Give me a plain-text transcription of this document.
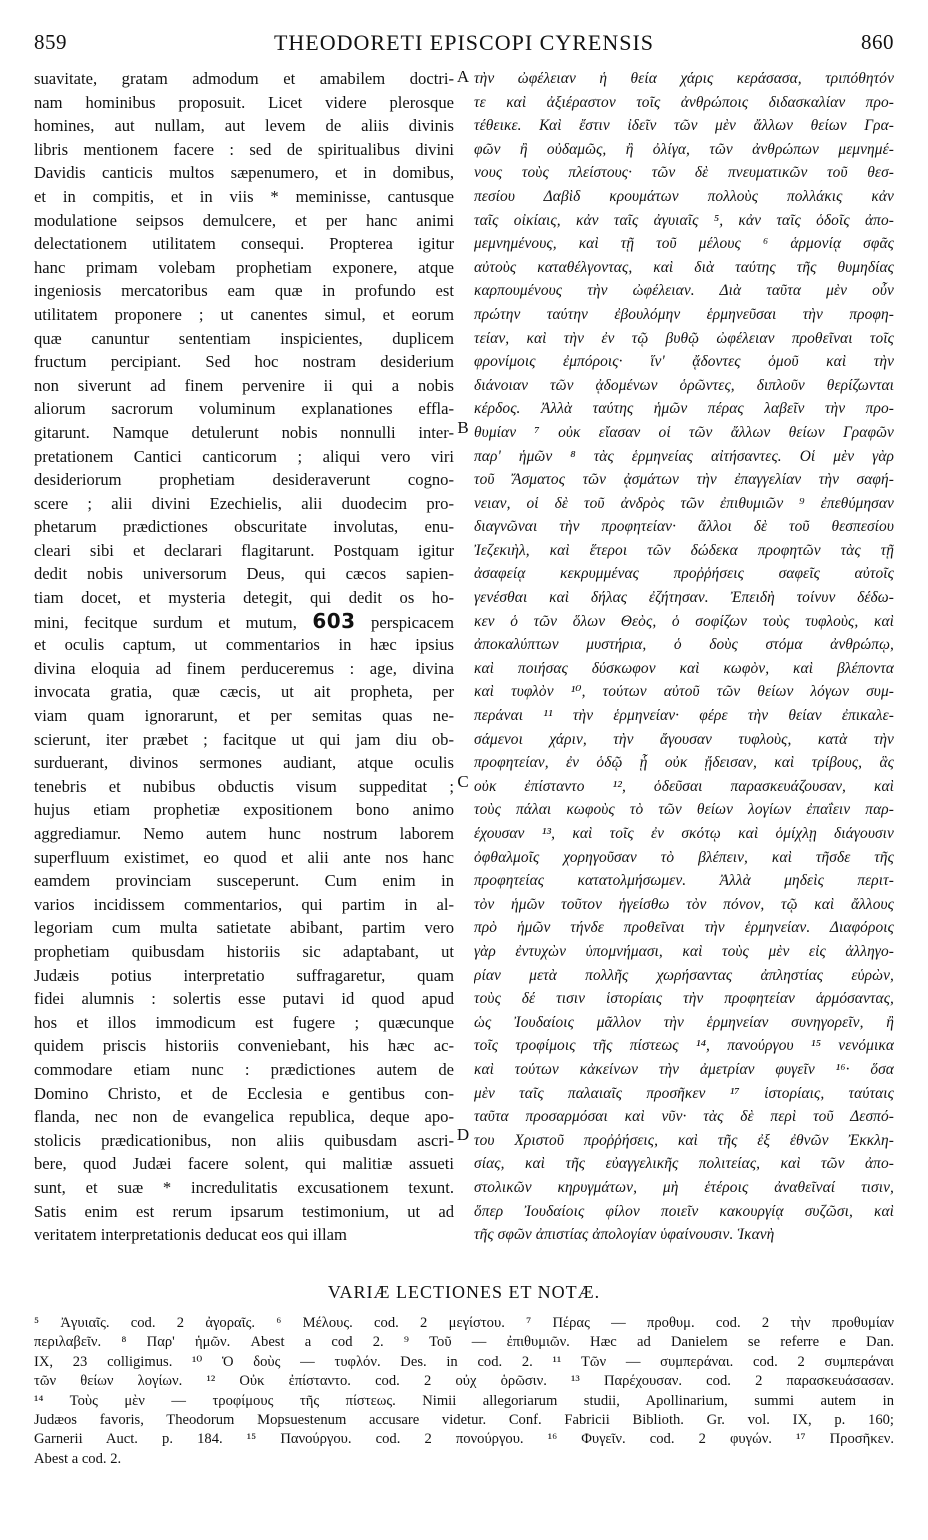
859	THEODORETI EPISCOPI CYRENSIS	860
suavitate, gratam admodum et amabilem doctri-
nam hominibus proposuit. Licet videre plerosque
homines, aut nullam, aut levem de aliis divinis
libris mentionem facere : sed de spiritualibus divini
Davidis canticis multos sæpenumero, et in domibus,
et in compitis, et in viis * meminisse, cantusque
modulatione seipsos demulcere, et per hanc animi
delectationem utilitatem consequi. Propterea igitur
hanc primam volebam prophetiam exponere, atque
ingeniosis mercatoribus eam quæ in profundo est
utilitatem proponere ; ut canentes simul, et eorum
quæ canuntur sententiam inspicientes, duplicem
fructum percipiant. Sed hoc nostram desiderium
non siverunt ad finem pervenire ii qui a nobis
aliorum sacrorum voluminum explanationes effla-
gitarunt. Namque detulerunt nobis nonnulli inter-
pretationem Cantici canticorum ; aliqui vero viri
desideriorum prophetiam desideraverunt cogno-
scere ; alii divini Ezechielis, alii duodecim pro-
phetarum prædictiones obscuritate involutas, enu-
cleari sibi et declarari flagitarunt. Postquam igitur
dedit nobis universorum Deus, qui cæcos sapien-
tiam docet, et mysteria detegit, qui dedit os ho-
mini, fecitque surdum et mutum, 603 perspicacem
et oculis captum, ut commentarios in hæc ipsius
divina eloquia ad finem perduceremus : age, divina
invocata gratia, quæ cæcis, ut ait propheta, per
viam quam ignorarunt, et per semitas quas ne-
scierunt, iter præbet ; facitque ut qui jam diu ob-
surduerant, divinos sermones audiant, atque oculis
tenebris et nubibus obductis visum suppeditat ;
hujus etiam prophetiæ expositionem bono animo
aggrediamur. Nemo autem hunc nostrum laborem
superfluum existimet, eo quod et alii ante nos hanc
eamdem provinciam susceperunt. Cum enim in
varios incidissem commentarios, qui partim in al-
legoriam cum multa satietate abibant, partim vero
prophetiam quibusdam historiis sic adaptabant, ut
Judæis potius interpretatio suffragaretur, quam
fidei alumnis : solertis esse putavi id quod apud
hos et illos immodicum est fugere ; quæcunque
quidem priscis historiis conveniebant, his hæc ac-
commodare etiam nunc : prædictiones autem de
Domino Christo, et de Ecclesia e gentibus con-
flanda, nec non de evangelica republica, deque apo-
stolicis prædicationibus, non aliis quibusdam ascri-
bere, quod Judæi facere solent, qui malitiæ assueti
sunt, et suæ * incredulitatis excusationem texunt.
Satis enim est rerum ipsarum testimonium, ut ad
veritatem interpretationis deducat eos qui illam
τὴν ὠφέλειαν ἡ θεία χάρις κεράσασα, τριπόθητόν
τε καὶ ἀξιέραστον τοῖς ἀνθρώποις διδασκαλίαν προ-
τέθεικε. Καὶ ἔστιν ἰδεῖν τῶν μὲν ἄλλων θείων Γρα-
φῶν ἢ οὐδαμῶς, ἢ ὀλίγα, τῶν ἀνθρώπων μεμνημέ-
νους τοὺς πλείστους· τῶν δὲ πνευματικῶν τοῦ θεσ-
πεσίου Δαβὶδ κρουμάτων πολλοὺς πολλάκις κἀν
ταῖς οἰκίαις, κἀν ταῖς ἀγυιαῖς ⁵, κἀν ταῖς ὁδοῖς ἀπο-
μεμνημένους, καὶ τῇ τοῦ μέλους ⁶ ἁρμονίᾳ σφᾶς
αὐτοὺς καταθέλγοντας, καὶ διὰ ταύτης τῆς θυμηδίας
καρπουμένους τὴν ὠφέλειαν. Διὰ ταῦτα μὲν οὖν
πρώτην ταύτην ἐβουλόμην ἑρμηνεῦσαι τὴν προφη-
τείαν, καὶ τὴν ἐν τῷ βυθῷ ὠφέλειαν προθεῖναι τοῖς
φρονίμοις ἐμπόροις· ἵν' ᾄδοντες ὁμοῦ καὶ τὴν
διάνοιαν τῶν ᾀδομένων ὁρῶντες, διπλοῦν θερίζωνται
κέρδος. Ἀλλὰ ταύτης ἡμῶν πέρας λαβεῖν τὴν προ-
θυμίαν ⁷ οὐκ εἴασαν οἱ τῶν ἄλλων θείων Γραφῶν
παρ' ἡμῶν ⁸ τὰς ἑρμηνείας αἰτήσαντες. Οἱ μὲν γὰρ
τοῦ Ἄσματος τῶν ᾀσμάτων τὴν ἐπαγγελίαν τὴν σαφή-
νειαν, οἱ δὲ τοῦ ἀνδρὸς τῶν ἐπιθυμιῶν ⁹ ἐπεθύμησαν
διαγνῶναι τὴν προφητείαν· ἄλλοι δὲ τοῦ θεσπεσίου
Ἰεζεκιὴλ, καὶ ἕτεροι τῶν δώδεκα προφητῶν τὰς τῇ
ἀσαφείᾳ κεκρυμμένας προῤῥήσεις σαφεῖς αὐτοῖς
γενέσθαι καὶ δήλας ἐζήτησαν. Ἐπειδὴ τοίνυν δέδω-
κεν ὁ τῶν ὅλων Θεὸς, ὁ σοφίζων τοὺς τυφλοὺς, καὶ
ἀποκαλύπτων μυστήρια, ὁ δοὺς στόμα ἀνθρώπῳ,
καὶ ποιήσας δύσκωφον καὶ κωφὸν, καὶ βλέποντα
καὶ τυφλὸν ¹⁰, τούτων αὐτοῦ τῶν θείων λόγων συμ-
περάναι ¹¹ τὴν ἑρμηνείαν· φέρε τὴν θείαν ἐπικαλε-
σάμενοι χάριν, τὴν ἄγουσαν τυφλοὺς, κατὰ τὴν
προφητείαν, ἐν ὁδῷ ᾗ οὐκ ᾔδεισαν, καὶ τρίβους, ἃς
οὐκ ἐπίσταντο ¹², ὁδεῦσαι παρασκευάζουσαν, καὶ
τοὺς πάλαι κωφοὺς τὸ τῶν θείων λογίων ἐπαΐειν παρ-
έχουσαν ¹³, καὶ τοῖς ἐν σκότῳ καὶ ὁμίχλῃ διάγουσιν
ὀφθαλμοῖς χορηγοῦσαν τὸ βλέπειν, καὶ τῆσδε τῆς
προφητείας κατατολμήσωμεν. Ἀλλὰ μηδεὶς περιτ-
τὸν ἡμῶν τοῦτον ἡγείσθω τὸν πόνον, τῷ καὶ ἄλλους
πρὸ ἡμῶν τήνδε προθεῖναι τὴν ἑρμηνείαν. Διαφόροις
γὰρ ἐντυχὼν ὑπομνήμασι, καὶ τοὺς μὲν εἰς ἀλληγο-
ρίαν μετὰ πολλῆς χωρήσαντας ἀπληστίας εὑρὼν,
τοὺς δέ τισιν ἱστορίαις τὴν προφητείαν ἁρμόσαντας,
ὡς Ἰουδαίοις μᾶλλον τὴν ἑρμηνείαν συνηγορεῖν, ἢ
τοῖς τροφίμοις τῆς πίστεως ¹⁴, πανούργου ¹⁵ νενόμικα
καὶ τούτων κἀκείνων τὴν ἀμετρίαν φυγεῖν ¹⁶· ὅσα
μὲν ταῖς παλαιαῖς προσῆκεν ¹⁷ ἱστορίαις, ταύταις
ταῦτα προσαρμόσαι καὶ νῦν· τὰς δὲ περὶ τοῦ Δεσπό-
του Χριστοῦ προῤῥήσεις, καὶ τῆς ἐξ ἐθνῶν Ἐκκλη-
σίας, καὶ τῆς εὐαγγελικῆς πολιτείας, καὶ τῶν ἀπο-
στολικῶν κηρυγμάτων, μὴ ἑτέροις ἀναθεῖναί τισιν,
ὅπερ Ἰουδαίοις φίλον ποιεῖν κακουργίᾳ συζῶσι, καὶ
τῆς σφῶν ἀπιστίας ἀπολογίαν ὑφαίνουσιν. Ἱκανὴ
A
B
C
D
VARIÆ LECTIONES ET NOTÆ.
⁵ Ἀγυιαῖς. cod. 2 ἀγοραῖς. ⁶ Μέλους. cod. 2 μεγίστου. ⁷ Πέρας — προθυμ. cod. 2 τὴν προθυμίαν
περιλαβεῖν. ⁸ Παρ' ἡμῶν. Abest a cod 2. ⁹ Τοῦ — ἐπιθυμιῶν. Hæc ad Danielem se referre e Dan.
IX, 23 colligimus. ¹⁰ Ὁ δοὺς — τυφλόν. Des. in cod. 2. ¹¹ Τῶν — συμπεράναι. cod. 2 συμπεράναι
τῶν θείων λογίων. ¹² Οὐκ ἐπίσταντο. cod. 2 οὐχ ὁρῶσιν. ¹³ Παρέχουσαν. cod. 2 παρασκευάσασαν.
¹⁴ Τοὺς μὲν — τροφίμους τῆς πίστεως. Nimii allegoriarum studii, Apollinarium, summi autem in
Judæos favoris, Theodorum Mopsuestenum accusare videtur. Conf. Fabricii Biblioth. Gr. vol. IX, p. 160;
Garnerii Auct. p. 184. ¹⁵ Πανούργου. cod. 2 πονούργου. ¹⁶ Φυγεῖν. cod. 2 φυγών. ¹⁷ Προσῆκεν.
Abest a cod. 2.
